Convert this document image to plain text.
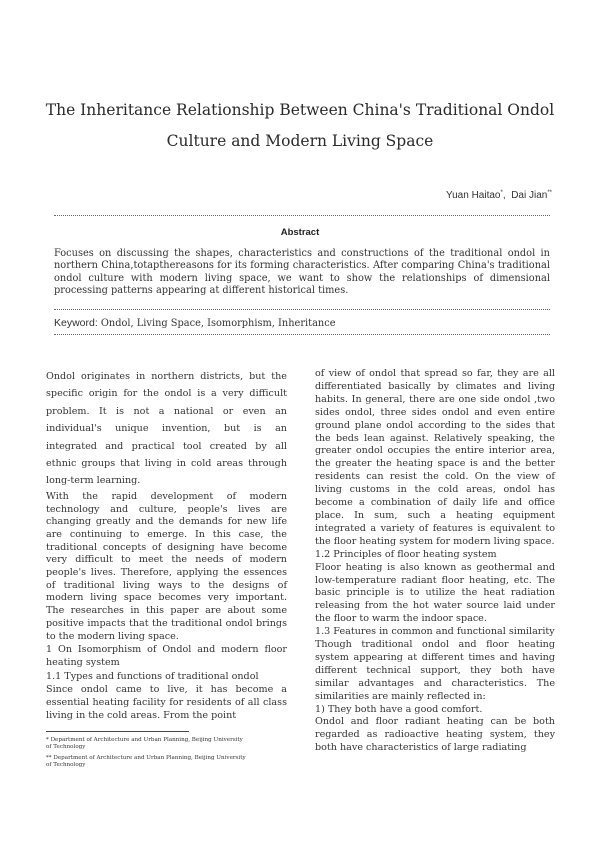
The Inheritance Relationship Between China's Traditional Ondol
Culture and Modern Living Space
Yuan Haitao*,  Dai Jian**
Abstract
Focuses on discussing the shapes, characteristics and constructions of the traditional ondol in northern China,totapthereasons for its forming characteristics. After comparing China's traditional ondol culture with modern living space, we want to show the relationships of dimensional processing patterns appearing at different historical times.
Keyword: Ondol, Living Space, Isomorphism, Inheritance

Ondol originates in northern districts, but the specific origin for the ondol is a very difficult problem. It is not a national or even an individual's unique invention, but is an integrated and practical tool created by all ethnic groups that living in cold areas through long-term learning.

With the rapid development of modern technology and culture, people's lives are changing greatly and the demands for new life are continuing to emerge. In this case, the traditional concepts of designing have become very difficult to meet the needs of modern people's lives. Therefore, applying the essences of traditional living ways to the designs of modern living space becomes very important. The researches in this paper are about some positive impacts that the traditional ondol brings to the modern living space.

1 On Isomorphism of Ondol and modern floor heating system

1.1 Types and functions of traditional ondol

Since ondol came to live, it has become a essential heating facility for residents of all class living in the cold areas. From the point

of view of ondol that spread so far, they are all differentiated basically by climates and living habits. In general, there are one side ondol ,two sides ondol, three sides ondol and even entire ground plane ondol according to the sides that the beds lean against. Relatively speaking, the greater ondol occupies the entire interior area, the greater the heating space is and the better residents can resist the cold. On the view of living customs in the cold areas, ondol has become a combination of daily life and office place. In sum, such a heating equipment integrated a variety of features is equivalent to the floor heating system for modern living space.

1.2 Principles of floor heating system

Floor heating is also known as geothermal and low-temperature radiant floor heating, etc. The basic principle is to utilize the heat radiation releasing from the hot water source laid under the floor to warm the indoor space.

1.3 Features in common and functional similarity

Though traditional ondol and floor heating system appearing at different times and having different technical support, they both have similar advantages and characteristics. The similarities are mainly reflected in:

1) They both have a good comfort.

Ondol and floor radiant heating can be both regarded as radioactive heating system, they both have characteristics of large radiating

* Department of Architecture and Urban Planning, Beijing University of Technology
** Department of Architecture and Urban Planning, Beijing University of Technology
